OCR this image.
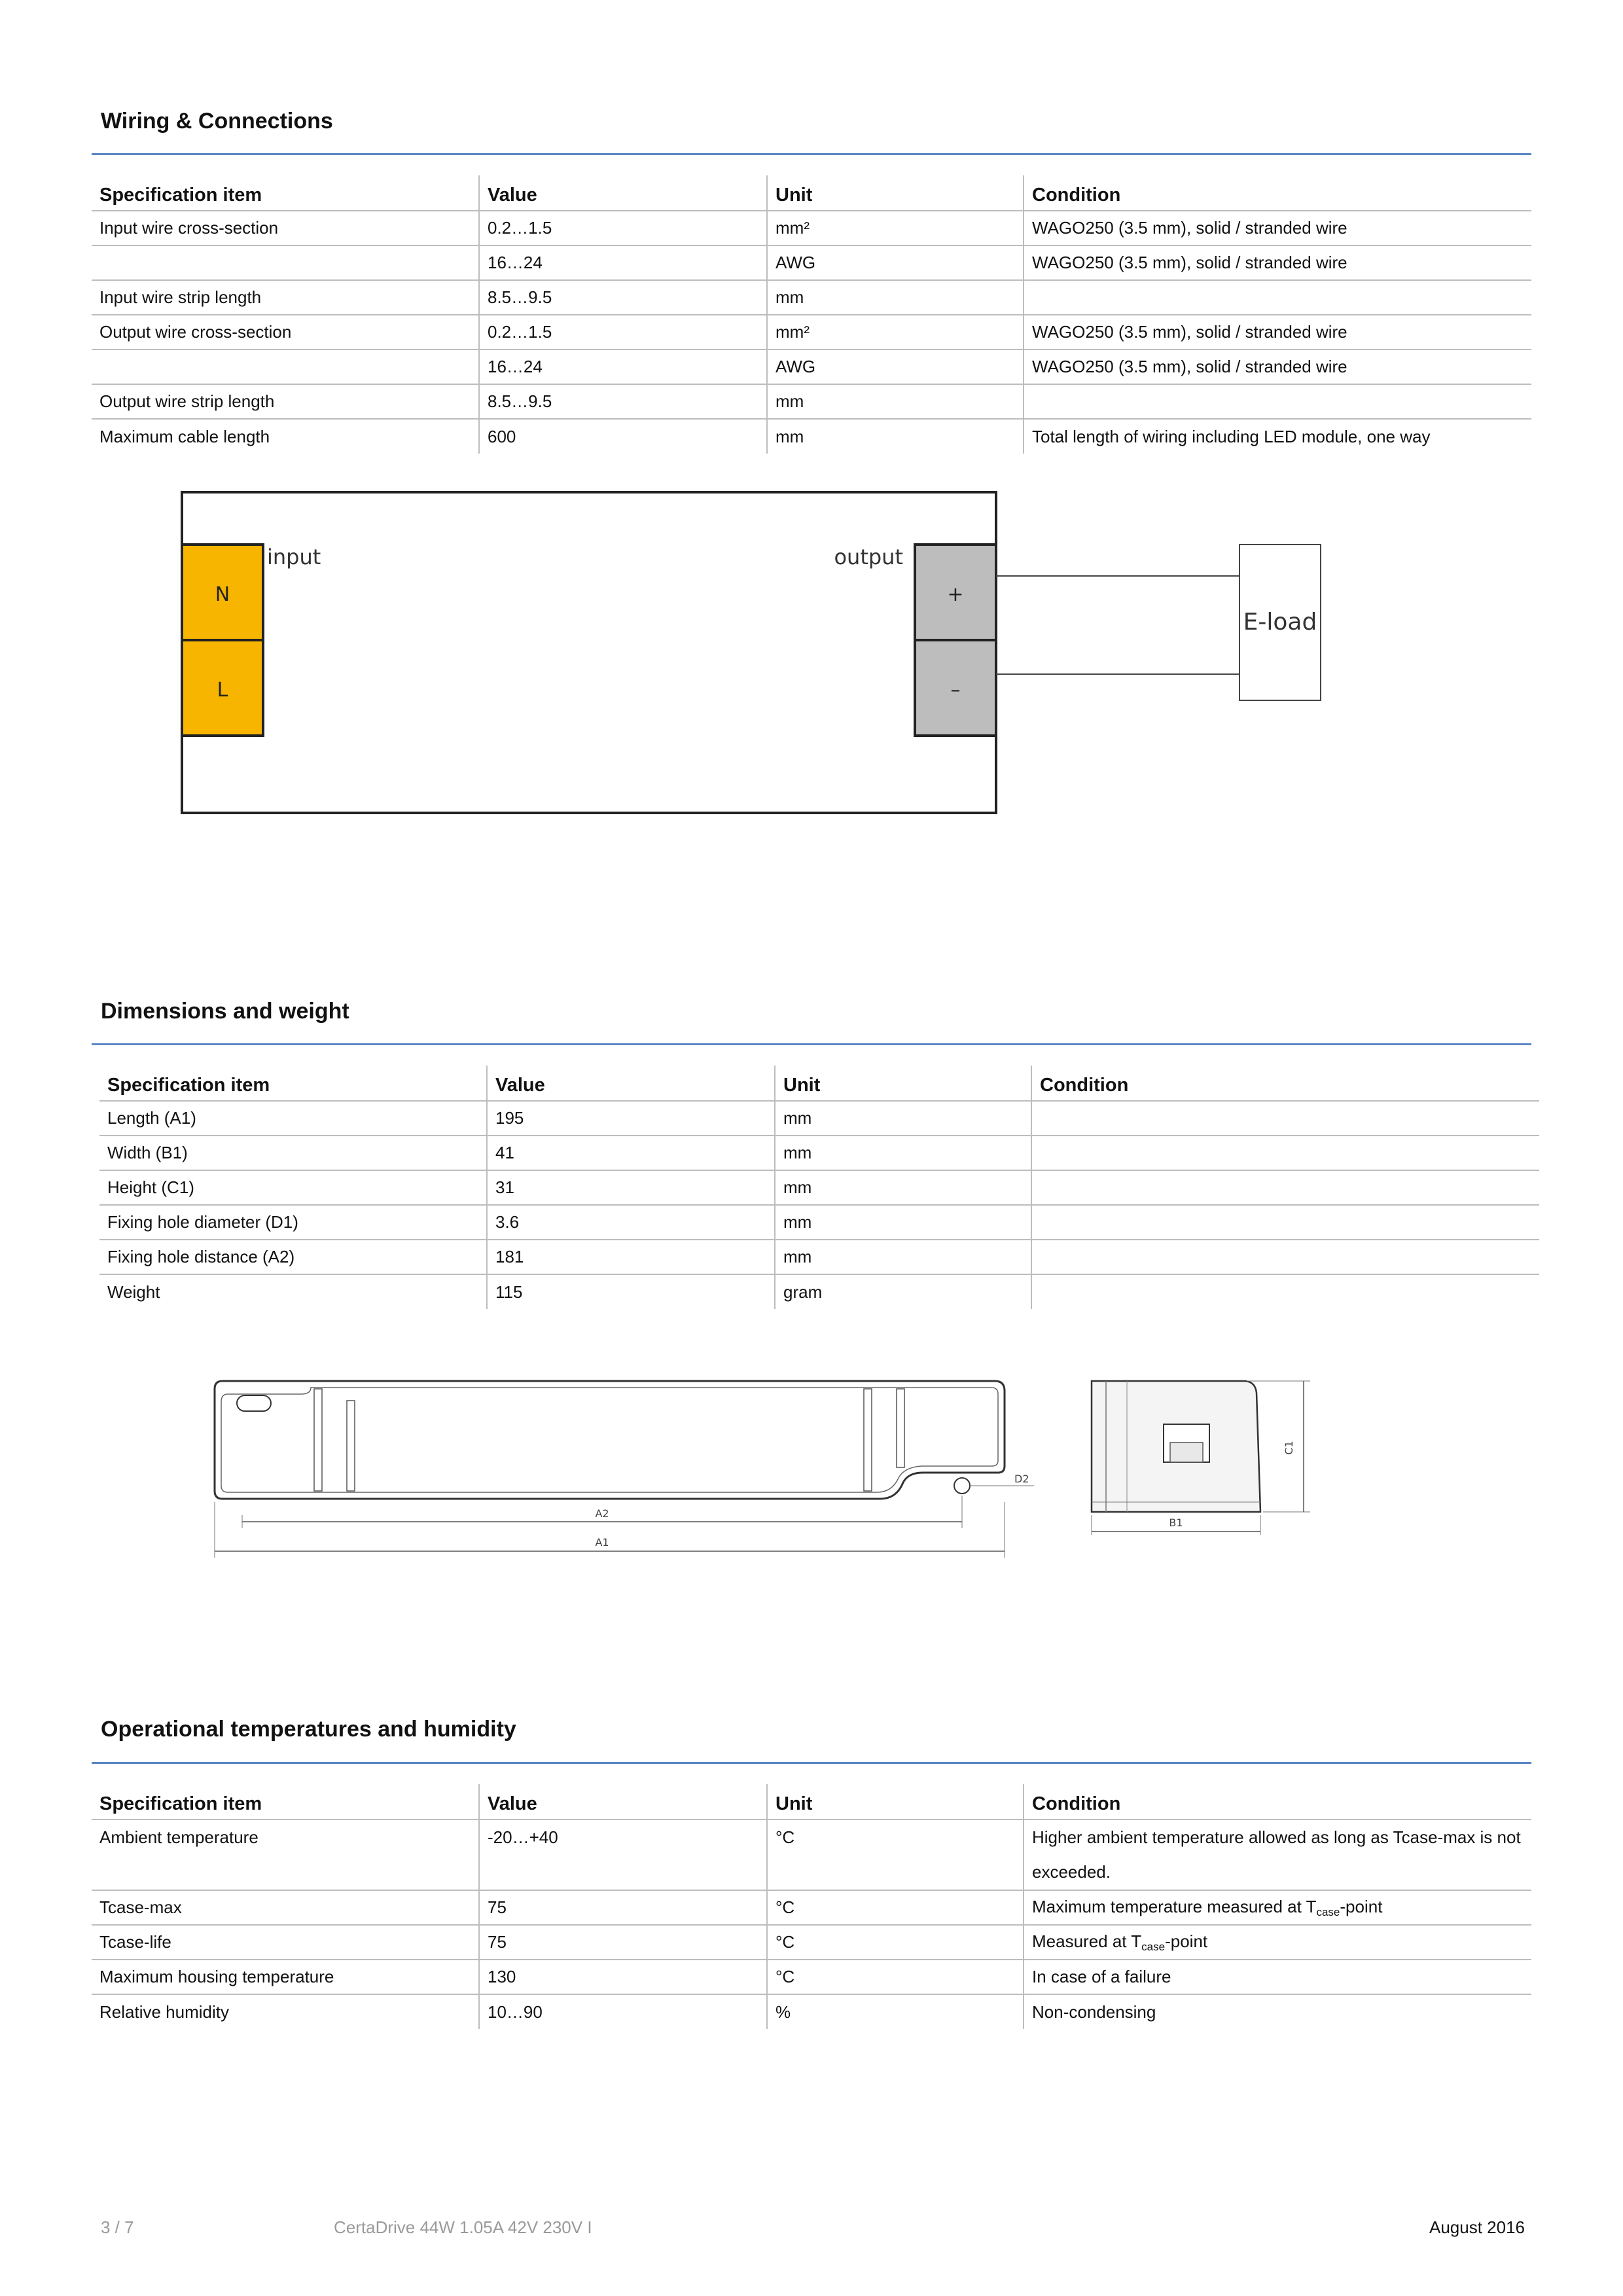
Wiring & Connections
Specification item	Value	Unit	Condition
Input wire cross-section	0.2…1.5	mm²	WAGO250 (3.5 mm), solid / stranded wire
	16…24	AWG	WAGO250 (3.5 mm), solid / stranded wire
Input wire strip length	8.5…9.5	mm	
Output wire cross-section	0.2…1.5	mm²	WAGO250 (3.5 mm), solid / stranded wire
	16…24	AWG	WAGO250 (3.5 mm), solid / stranded wire
Output wire strip length	8.5…9.5	mm	
Maximum cable length	600	mm	Total length of wiring including LED module, one way
N
L
input
+
–
output
E-load
Dimensions and weight
Specification item	Value	Unit	Condition
Length (A1)	195	mm	
Width (B1)	41	mm	
Height (C1)	31	mm	
Fixing hole diameter (D1)	3.6	mm	
Fixing hole distance (A2)	181	mm	
Weight	115	gram	
D2
A2
A1
B1
C1
Operational temperatures and humidity
Specification item	Value	Unit	Condition
Ambient temperature	-20…+40	°C	Higher ambient temperature allowed as long as Tcase-max is not
exceeded.

Tcase-max	75	°C	Maximum temperature measured at $T_{case}$-point
Tcase-life	75	°C	Measured at $T_{case}$-point
Maximum housing temperature	130	°C	In case of a failure
Relative humidity	10…90	%	Non-condensing
3 / 7	CertaDrive 44W 1.05A 42V 230V I	August 2016
